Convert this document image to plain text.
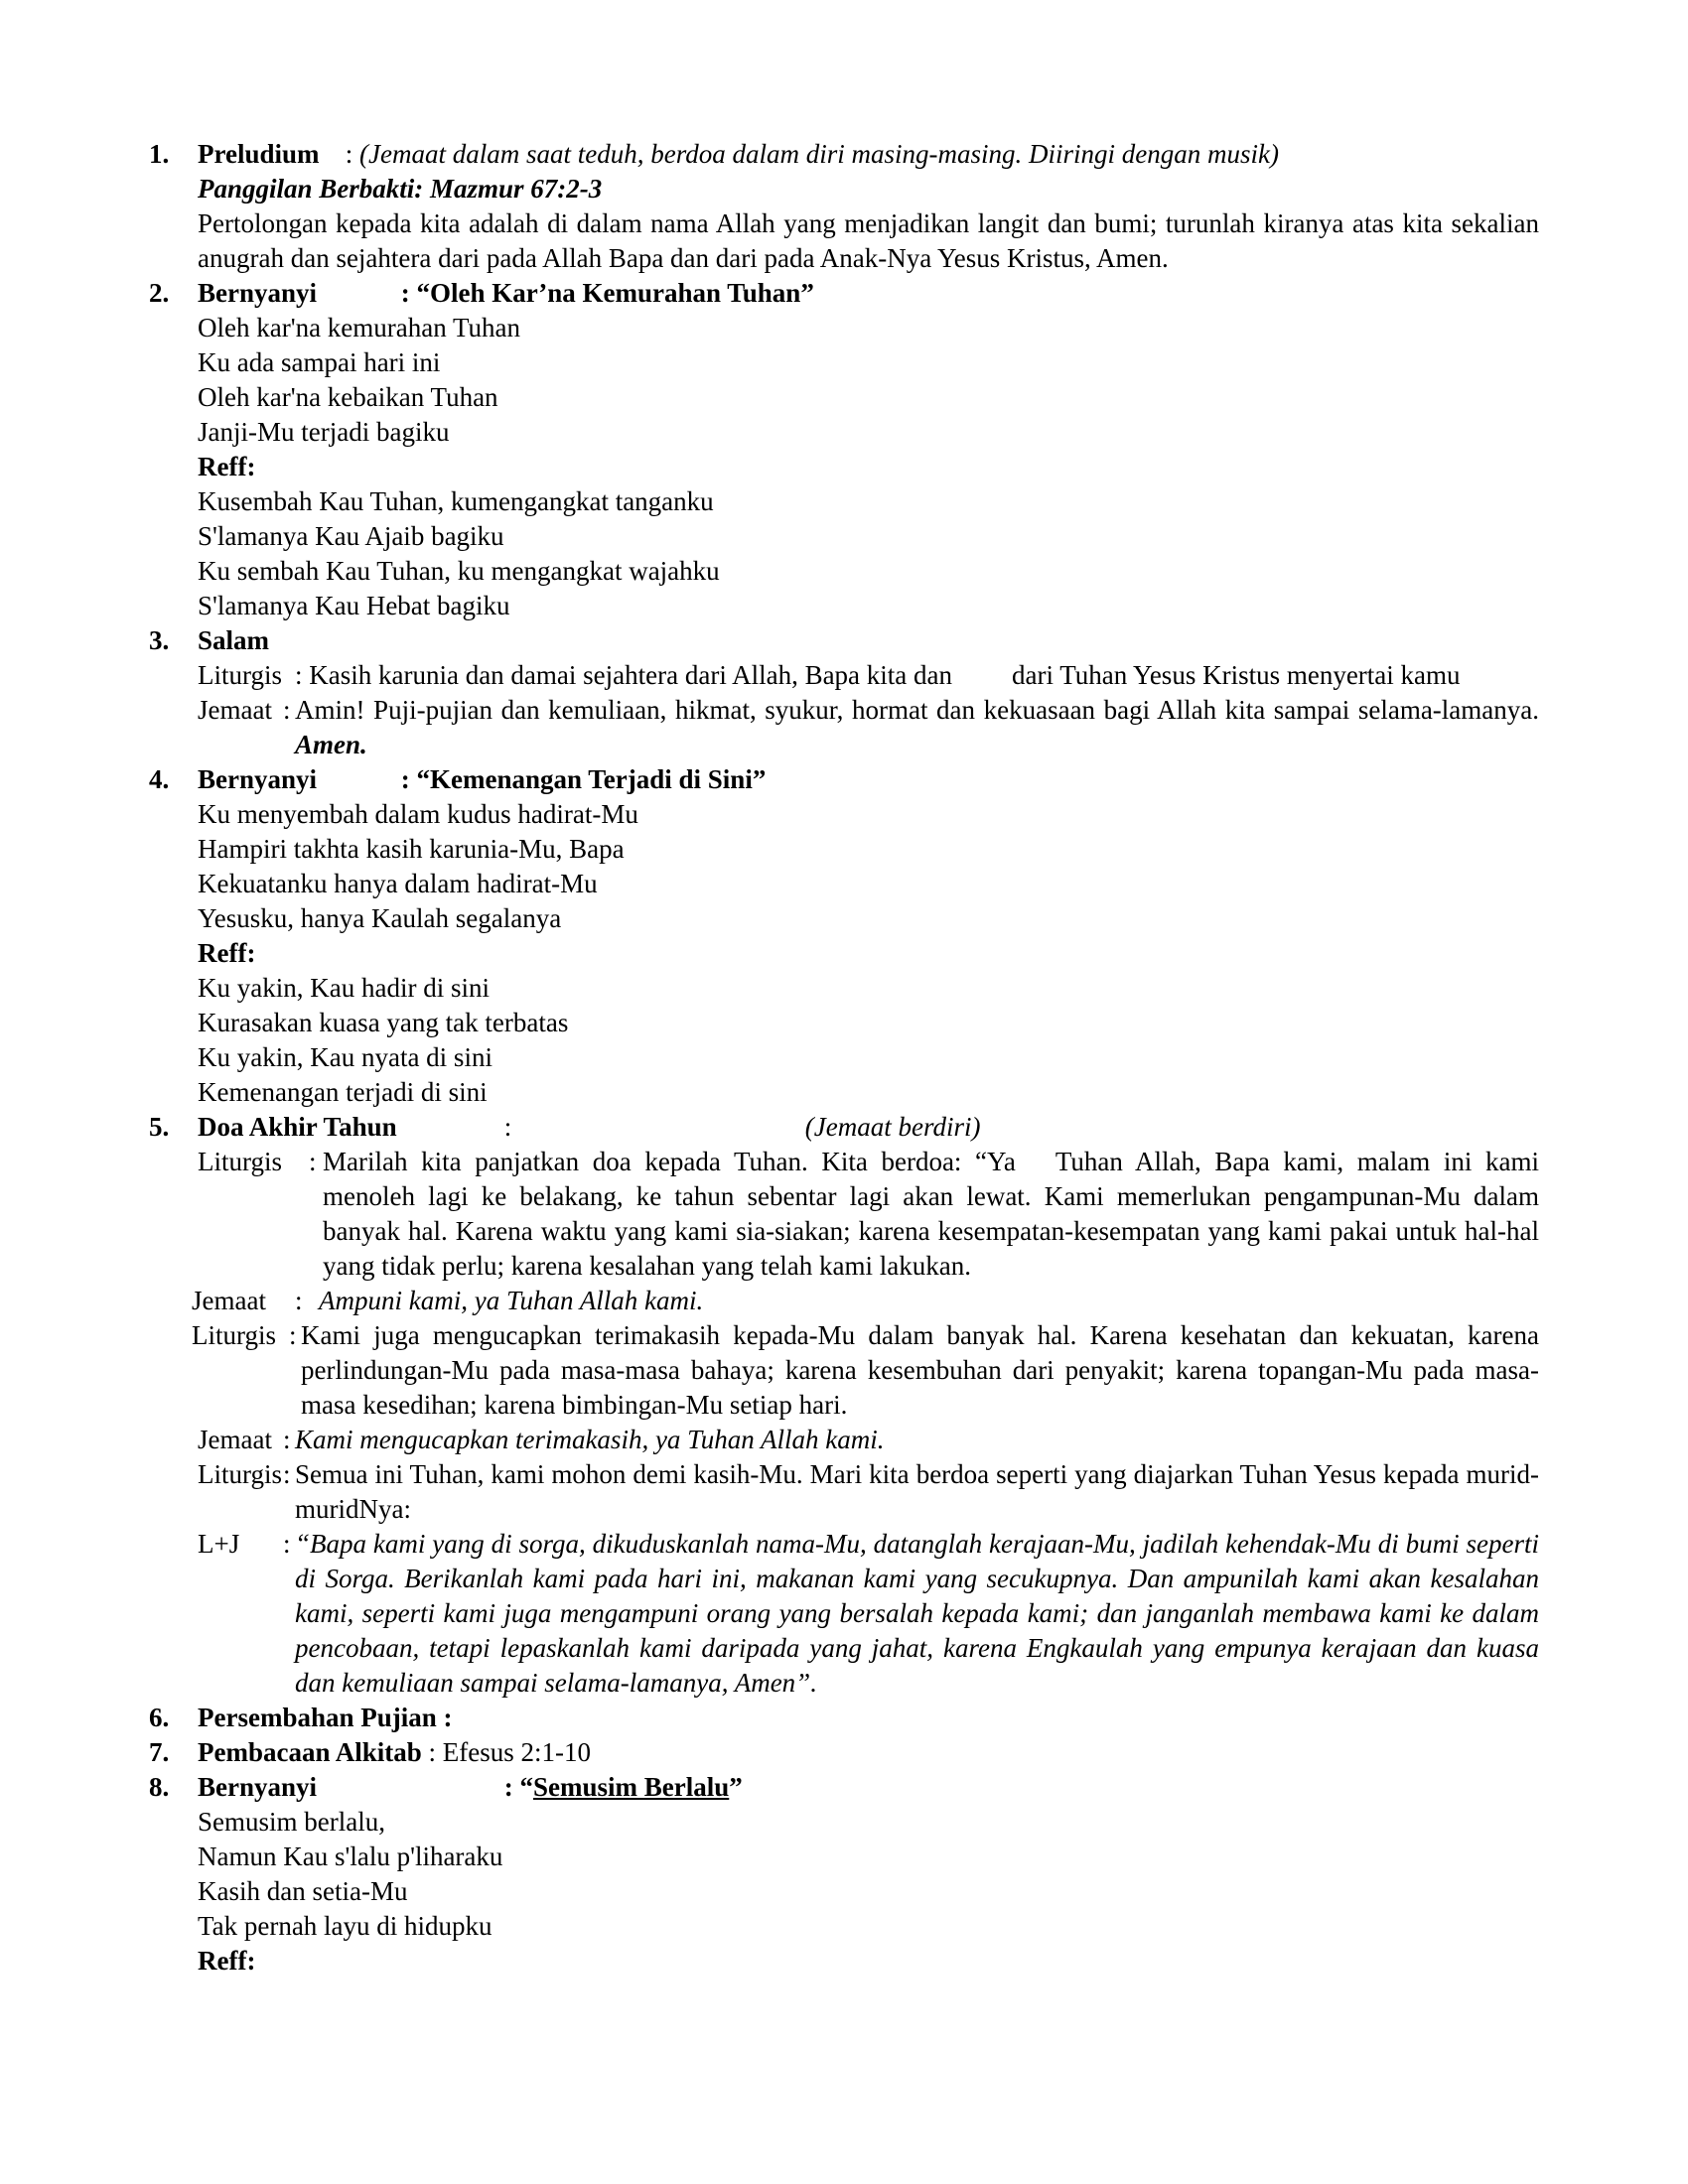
1.	Preludium : (Jemaat dalam saat teduh, berdoa dalam diri masing-masing. Diiringi dengan musik)
Panggilan Berbakti: Mazmur 67:2-3
Pertolongan kepada kita adalah di dalam nama Allah yang menjadikan langit dan bumi; turunlah kiranya atas kita sekalian anugrah dan sejahtera dari pada Allah Bapa dan dari pada Anak-Nya Yesus Kristus, Amen.
2.	Bernyanyi	: “Oleh Kar’na Kemurahan Tuhan”
Oleh kar'na kemurahan Tuhan
Ku ada sampai hari ini
Oleh kar'na kebaikan Tuhan
Janji-Mu terjadi bagiku
Reff:
Kusembah Kau Tuhan, kumengangkat tanganku
S'lamanya Kau Ajaib bagiku
Ku sembah Kau Tuhan, ku mengangkat wajahku
S'lamanya Kau Hebat bagiku
3.	Salam
Liturgis : Kasih karunia dan damai sejahtera dari Allah, Bapa kita dan dari Tuhan Yesus Kristus menyertai kamu
Jemaat : Amin! Puji-pujian dan kemuliaan, hikmat, syukur, hormat dan kekuasaan bagi Allah kita sampai selama-lamanya. Amen.
4.	Bernyanyi	: “Kemenangan Terjadi di Sini”
Ku menyembah dalam kudus hadirat-Mu
Hampiri takhta kasih karunia-Mu, Bapa
Kekuatanku hanya dalam hadirat-Mu
Yesusku, hanya Kaulah segalanya
Reff:
Ku yakin, Kau hadir di sini
Kurasakan kuasa yang tak terbatas
Ku yakin, Kau nyata di sini
Kemenangan terjadi di sini
5.	Doa Akhir Tahun	:	(Jemaat berdiri)
Liturgis : Marilah kita panjatkan doa kepada Tuhan. Kita berdoa: “Ya Tuhan Allah, Bapa kami, malam ini kami menoleh lagi ke belakang, ke tahun sebentar lagi akan lewat. Kami memerlukan pengampunan-Mu dalam banyak hal. Karena waktu yang kami sia-siakan; karena kesempatan-kesempatan yang kami pakai untuk hal-hal yang tidak perlu; karena kesalahan yang telah kami lakukan.
Jemaat	: Ampuni kami, ya Tuhan Allah kami.
Liturgis : Kami juga mengucapkan terimakasih kepada-Mu dalam banyak hal. Karena kesehatan dan kekuatan, karena perlindungan-Mu pada masa-masa bahaya; karena kesembuhan dari penyakit; karena topangan-Mu pada masa-masa kesedihan; karena bimbingan-Mu setiap hari.
Jemaat : Kami mengucapkan terimakasih, ya Tuhan Allah kami.
Liturgis : Semua ini Tuhan, kami mohon demi kasih-Mu. Mari kita berdoa seperti yang diajarkan Tuhan Yesus kepada murid-muridNya:
L+J	: “Bapa kami yang di sorga, dikuduskanlah nama-Mu, datanglah kerajaan-Mu, jadilah kehendak-Mu di bumi seperti di Sorga. Berikanlah kami pada hari ini, makanan kami yang secukupnya. Dan ampunilah kami akan kesalahan kami, seperti kami juga mengampuni orang yang bersalah kepada kami; dan janganlah membawa kami ke dalam pencobaan, tetapi lepaskanlah kami daripada yang jahat, karena Engkaulah yang empunya kerajaan dan kuasa dan kemuliaan sampai selama-lamanya, Amen”.
6.	Persembahan Pujian :
7.	Pembacaan Alkitab : Efesus 2:1-10
8.	Bernyanyi	: “Semusim Berlalu”
Semusim berlalu,
Namun Kau s'lalu p'liharaku
Kasih dan setia-Mu
Tak pernah layu di hidupku
Reff:
